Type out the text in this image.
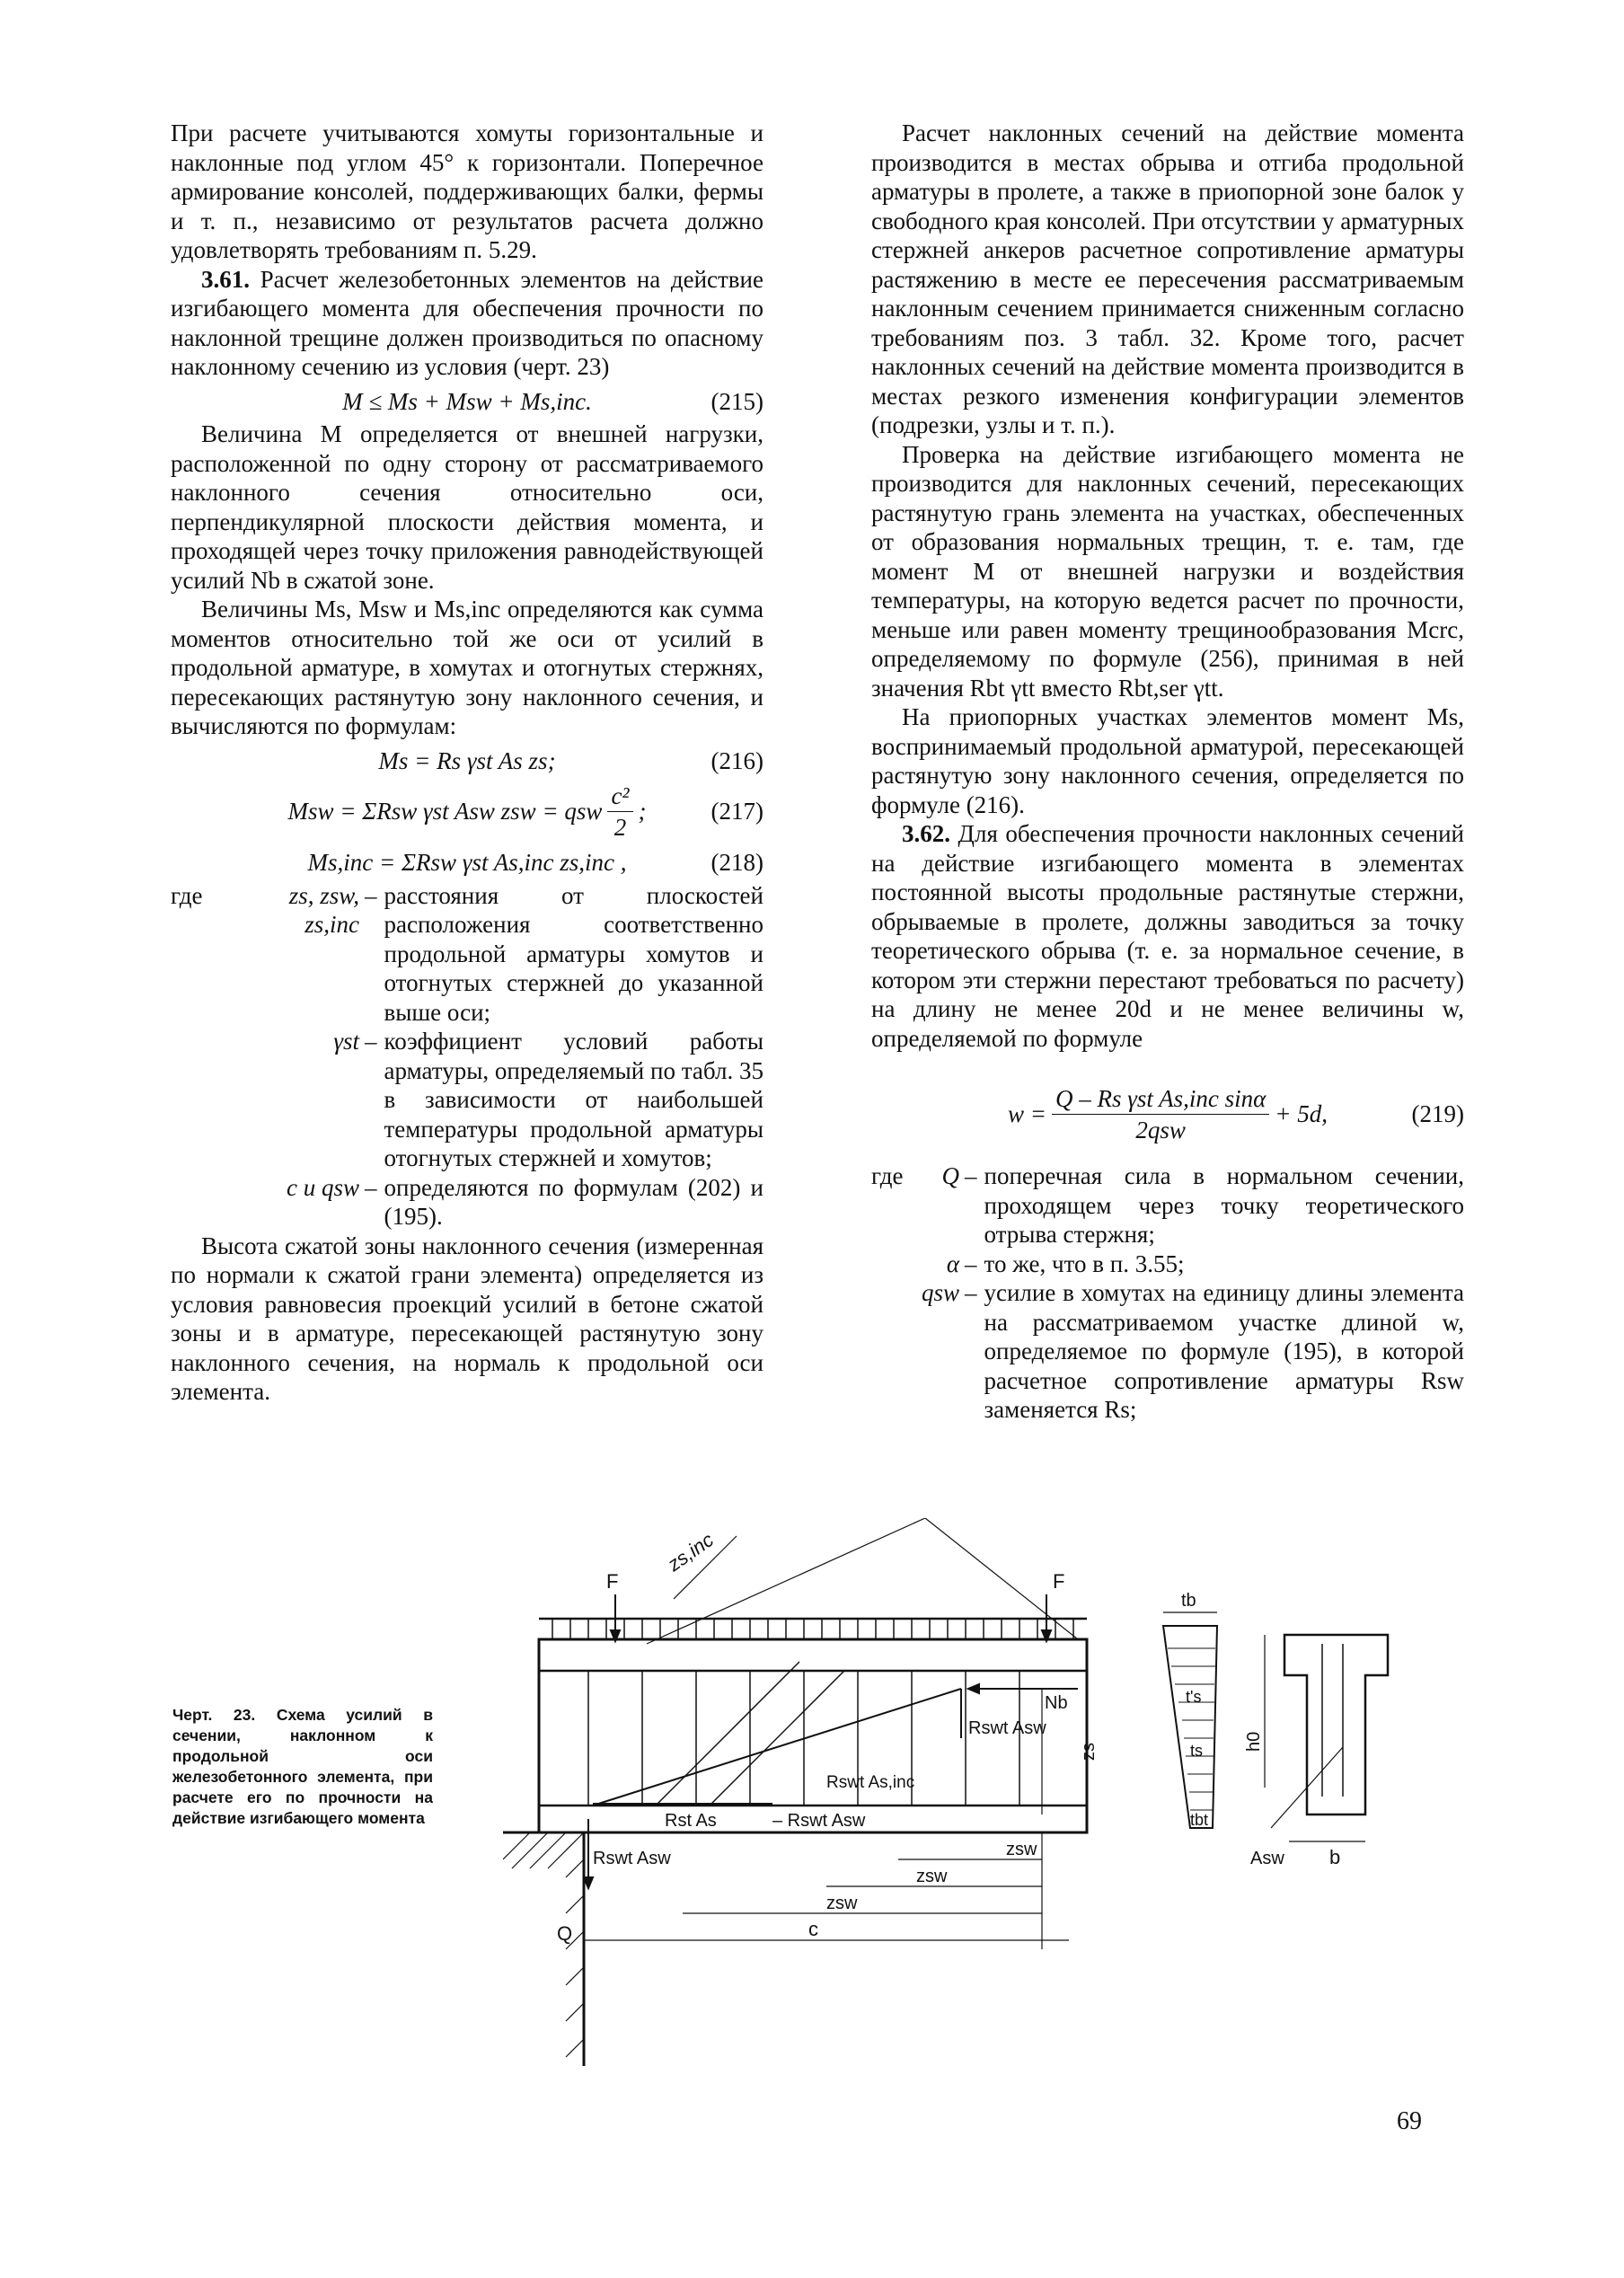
При расчете учитываются хомуты горизонтальные и наклонные под углом 45° к горизонтали. Поперечное армирование консолей, поддерживающих балки, фермы и т. п., независимо от результатов расчета должно удовлетворять требованиям п. 5.29.

3.61. Расчет железобетонных элементов на действие изгибающего момента для обеспечения прочности по наклонной трещине должен производиться по опасному наклонному сечению из условия (черт. 23)

M ≤ Ms + Msw + Ms,inc.	(215)

Величина M определяется от внешней нагрузки, расположенной по одну сторону от рассматриваемого наклонного сечения относительно оси, перпендикулярной плоскости действия момента, и проходящей через точку приложения равнодействующей усилий Nb в сжатой зоне.

Величины Ms, Msw и Ms,inc определяются как сумма моментов относительно той же оси от усилий в продольной арматуре, в хомутах и отогнутых стержнях, пересекающих растянутую зону наклонного сечения, и вычисляются по формулам:

Ms = Rs γst As zs;	(216)
Msw = ΣRsw γst Asw zsw = qsw $\frac{\text{c²}}{2}$ ;	(217)
Ms,inc = ΣRsw γst As,inc zs,inc ,	(218)
где	zs, zsw, zs,inc
– расстояния от плоскостей расположения соответственно продольной арматуры хомутов и отогнутых стержней до указанной выше оси;
γst – коэффициент условий работы арматуры, определяемый по табл. 35 в зависимости от наибольшей температуры продольной арматуры отогнутых стержней и хомутов;
c и qsw – определяются по формулам (202) и (195).

Высота сжатой зоны наклонного сечения (измеренная по нормали к сжатой грани элемента) определяется из условия равновесия проекций усилий в бетоне сжатой зоны и в арматуре, пересекающей растянутую зону наклонного сечения, на нормаль к продольной оси элемента.

Расчет наклонных сечений на действие момента производится в местах обрыва и отгиба продольной арматуры в пролете, а также в приопорной зоне балок у свободного края консолей. При отсутствии у арматурных стержней анкеров расчетное сопротивление арматуры растяжению в месте ее пересечения рассматриваемым наклонным сечением принимается сниженным согласно требованиям поз. 3 табл. 32. Кроме того, расчет наклонных сечений на действие момента производится в местах резкого изменения конфигурации элементов (подрезки, узлы и т. п.).

Проверка на действие изгибающего момента не производится для наклонных сечений, пересекающих растянутую грань элемента на участках, обеспеченных от образования нормальных трещин, т. е. там, где момент M от внешней нагрузки и воздействия температуры, на которую ведется расчет по прочности, меньше или равен моменту трещинообразования Mcrc, определяемому по формуле (256), принимая в ней значения Rbt γtt вместо Rbt,ser γtt.

На приопорных участках элементов момент Ms, воспринимаемый продольной арматурой, пересекающей растянутую зону наклонного сечения, определяется по формуле (216).

3.62. Для обеспечения прочности наклонных сечений на действие изгибающего момента в элементах постоянной высоты продольные растянутые стержни, обрываемые в пролете, должны заводиться за точку теоретического обрыва (т. е. за нормальное сечение, в котором эти стержни перестают требоваться по расчету) на длину не менее 20d и не менее величины w, определяемой по формуле

$w = \frac{\text{Q – Rs γst As,inc sinα}}{\text{2qsw}} + 5d$,	(219)
где	Q – поперечная сила в нормальном сечении, проходящем через точку теоретического отрыва стержня;
α – то же, что в п. 3.55;
qsw – усилие в хомутах на единицу длины элемента на рассматриваемом участке длиной w, определяемое по формуле (195), в которой расчетное сопротивление арматуры Rsw заменяется Rs;
Черт. 23. Схема усилий в сечении, наклонном к продольной оси железобетонного элемента, при расчете его по прочности на действие изгибающего момента
F	F
zs,inc
Nb
Rswt Asw
zs
Rswt As,inc
Rst As	– Rswt Asw
Rswt Asw
Q
zsw
zsw
zsw
c
tb
t's
ts
tbt
h0
Asw b
69
